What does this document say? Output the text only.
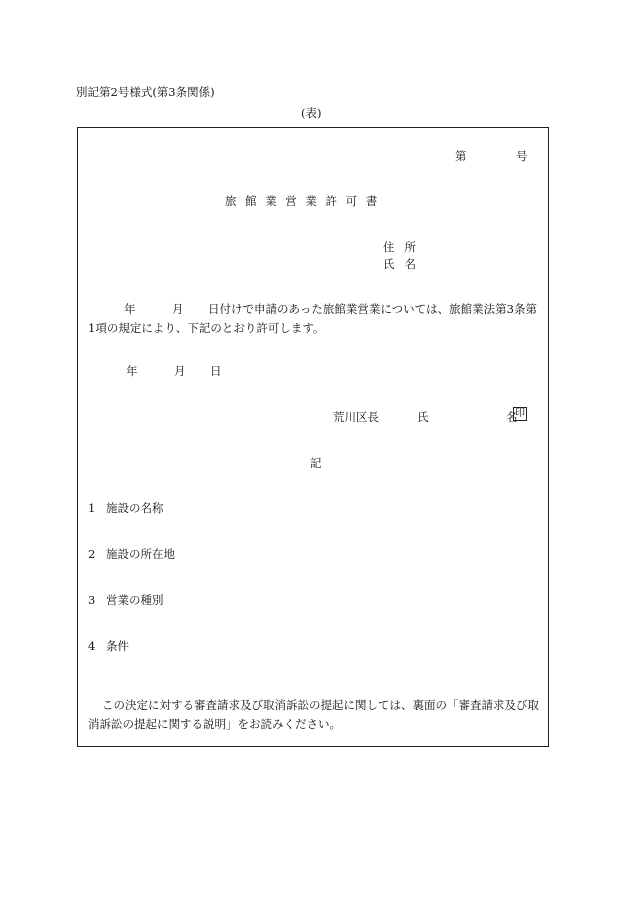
別記第2号様式(第3条関係)
(表)
第	号
旅館業営業許可書
住所
氏名
年	月 日付けで申請のあった旅館業営業については、旅館業法第3条第1項の規定により、下記のとおり許可します。
年	月 日
荒川区長	氏	名
印
記
1 施設の名称
2 施設の所在地
3 営業の種別
4 条件
この決定に対する審査請求及び取消訴訟の提起に関しては、裏面の「審査請求及び取消訴訟の提起に関する説明」をお読みください。
